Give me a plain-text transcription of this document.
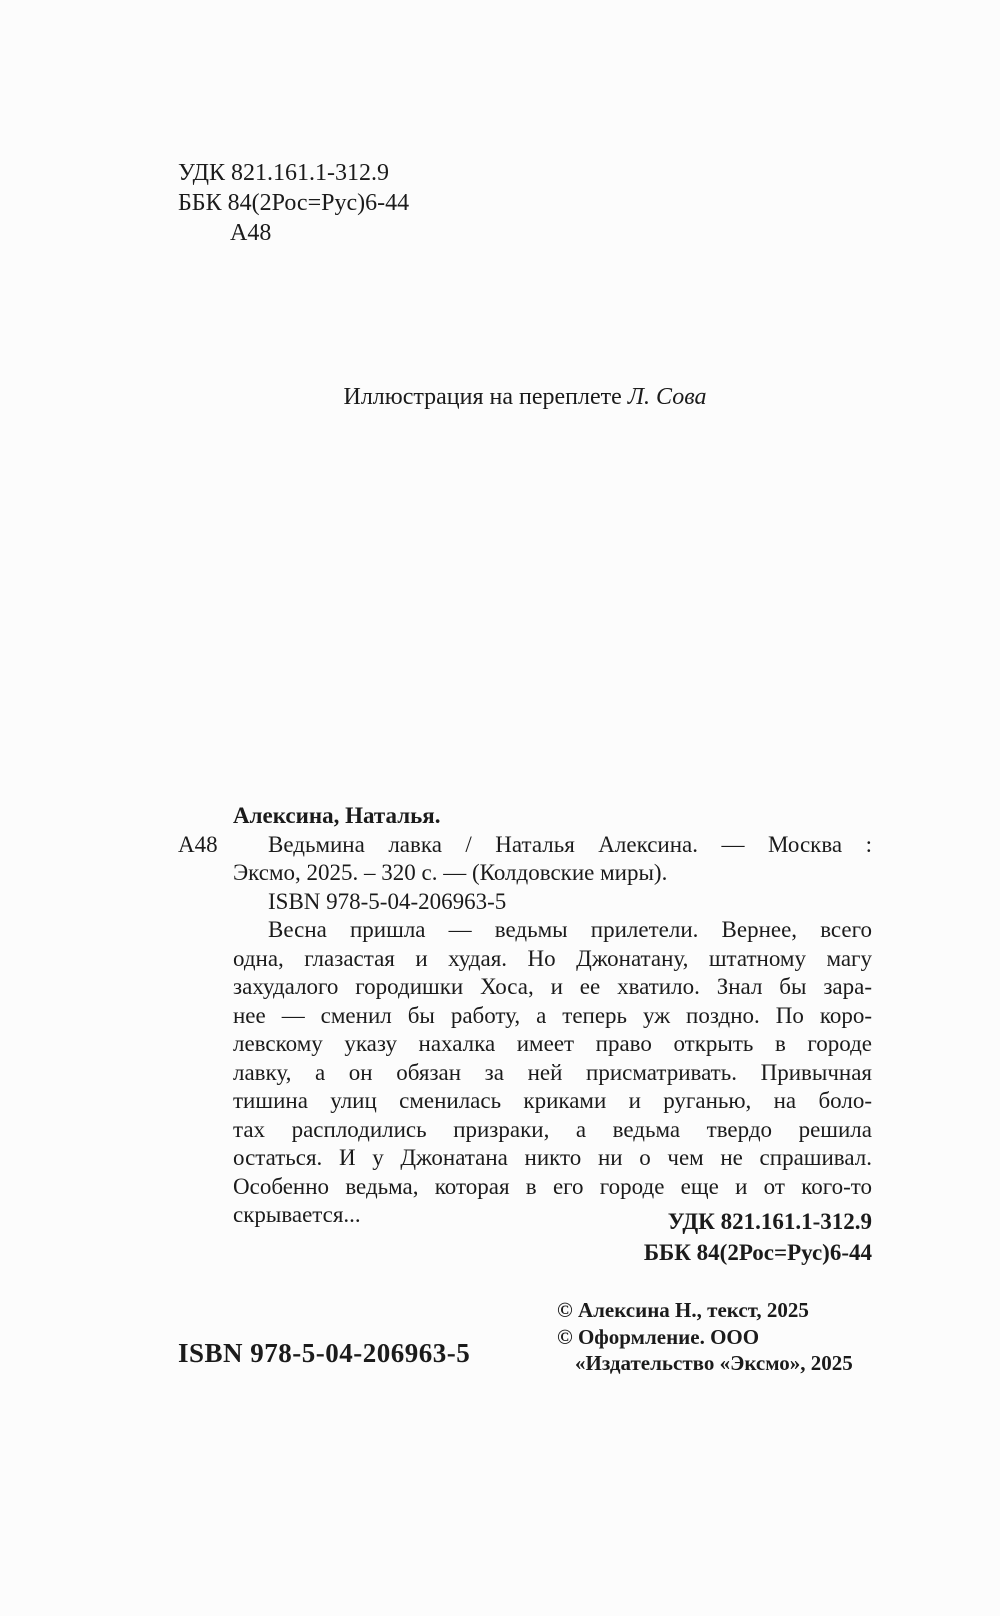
УДК 821.161.1-312.9
ББК 84(2Рос=Рус)6-44
А48
Иллюстрация на переплете Л. Сова
Алексина, Наталья.
А48 Ведьмина лавка / Наталья Алексина. — Москва :
Эксмо, 2025. – 320 с. — (Колдовские миры).
ISBN 978-5-04-206963-5
Весна пришла — ведьмы прилетели. Вернее, всего
одна, глазастая и худая. Но Джонатану, штатному магу
захудалого городишки Хоса, и ее хватило. Знал бы зара-
нее — сменил бы работу, а теперь уж поздно. По коро-
левскому указу нахалка имеет право открыть в городе
лавку, а он обязан за ней присматривать. Привычная
тишина улиц сменилась криками и руганью, на боло-
тах расплодились призраки, а ведьма твердо решила
остаться. И у Джонатана никто ни о чем не спрашивал.
Особенно ведьма, которая в его городе еще и от кого-то
скрывается...	УДК 821.161.1-312.9
ББК 84(2Рос=Рус)6-44
ISBN 978-5-04-206963-5
© Алексина Н., текст, 2025
© Оформление. ООО
«Издательство «Эксмо», 2025
